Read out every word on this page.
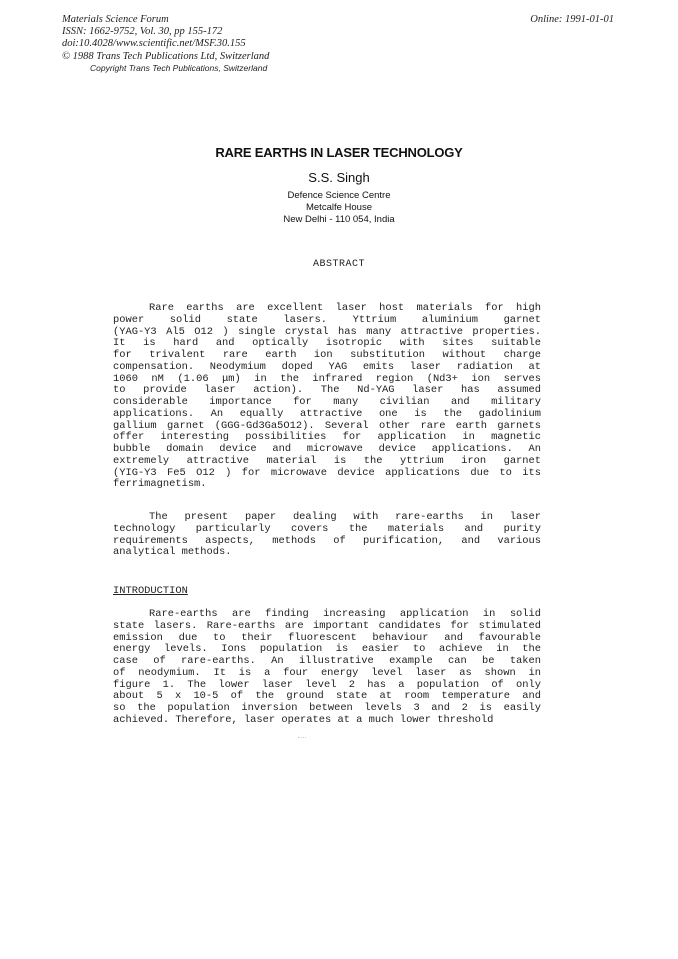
Materials Science Forum
ISSN: 1662-9752, Vol. 30, pp 155-172
doi:10.4028/www.scientific.net/MSF.30.155
© 1988 Trans Tech Publications Ltd, Switzerland
Online: 1991-01-01
Copyright Trans Tech Publications, Switzerland
RARE EARTHS IN LASER TECHNOLOGY
S.S. Singh
Defence Science Centre
Metcalfe House
New Delhi - 110 054, India
ABSTRACT
Rare earths are excellent laser host materials for high
power solid state lasers. Yttrium aluminium garnet
(YAG-Y3 Al5 O12 ) single crystal has many attractive properties.
It is hard and optically isotropic with sites suitable
for trivalent rare earth ion substitution without charge
compensation. Neodymium doped YAG emits laser radiation at
1060 nM (1.06 μm) in the infrared region (Nd3+ ion serves
to provide laser action). The Nd-YAG laser has assumed
considerable importance for many civilian and military
applications. An equally attractive one is the gadolinium
gallium garnet (GGG-Gd3Ga5O12). Several other rare earth garnets
offer interesting possibilities for application in magnetic
bubble domain device and microwave device applications. An
extremely attractive material is the yttrium iron garnet
(YIG-Y3 Fe5 O12 ) for microwave device applications due to its
ferrimagnetism.
The present paper dealing with rare-earths in laser
technology particularly covers the materials and purity
requirements aspects, methods of purification, and various
analytical methods.
INTRODUCTION
Rare-earths are finding increasing application in solid
state lasers. Rare-earths are important candidates for stimulated
emission due to their fluorescent behaviour and favourable
energy levels. Ions population is easier to achieve in the
case of rare-earths. An illustrative example can be taken
of neodymium. It is a four energy level laser as shown in
figure 1. The lower laser level 2 has a population of only
about 5 x 10-5 of the ground state at room temperature and
so the population inversion between levels 3 and 2 is easily
achieved. Therefore, laser operates at a much lower threshold
